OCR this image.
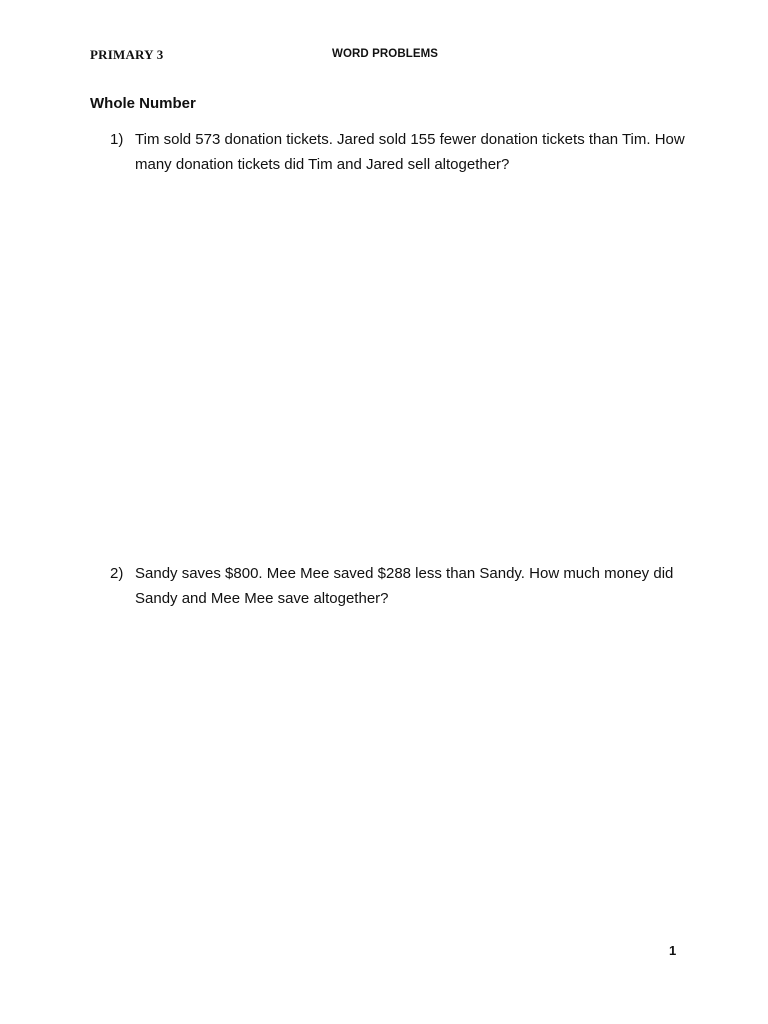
PRIMARY 3	WORD PROBLEMS
Whole Number
1) Tim sold 573 donation tickets. Jared sold 155 fewer donation tickets than Tim. How many donation tickets did Tim and Jared sell altogether?
2) Sandy saves $800. Mee Mee saved $288 less than Sandy. How much money did Sandy and Mee Mee save altogether?
1
